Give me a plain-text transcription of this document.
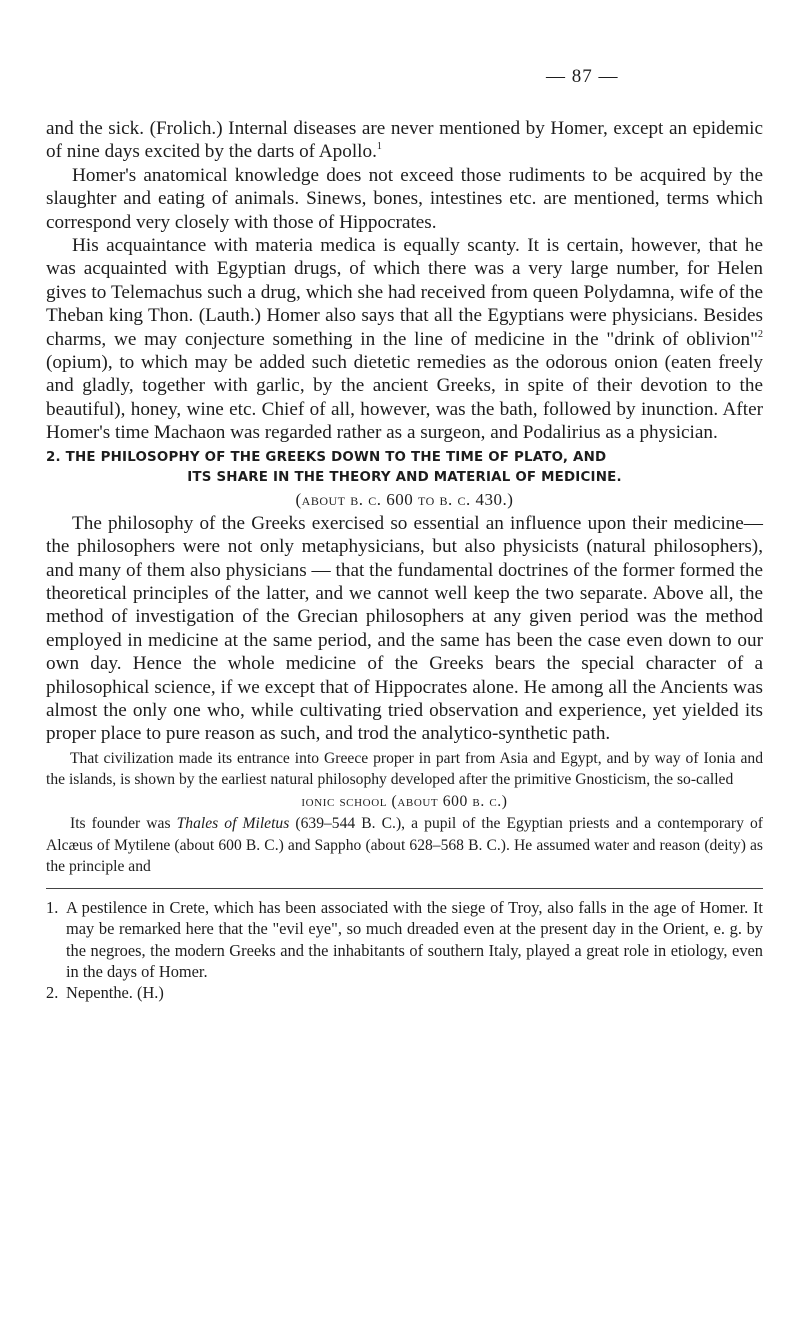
— 87 —

and the sick. (Frolich.) Internal diseases are never mentioned by Homer, except an epidemic of nine days excited by the darts of Apollo.$^1$

Homer's anatomical knowledge does not exceed those rudiments to be acquired by the slaughter and eating of animals. Sinews, bones, intestines etc. are mentioned, terms which correspond very closely with those of Hippocrates.

His acquaintance with materia medica is equally scanty. It is certain, however, that he was acquainted with Egyptian drugs, of which there was a very large number, for Helen gives to Telemachus such a drug, which she had received from queen Polydamna, wife of the Theban king Thon. (Lauth.) Homer also says that all the Egyptians were physicians. Besides charms, we may conjecture something in the line of medicine in the "drink of oblivion"$^2$ (opium), to which may be added such dietetic remedies as the odorous onion (eaten freely and gladly, together with garlic, by the ancient Greeks, in spite of their devotion to the beautiful), honey, wine etc. Chief of all, however, was the bath, followed by inunction. After Homer's time Machaon was regarded rather as a surgeon, and Podalirius as a physician.

2. THE PHILOSOPHY OF THE GREEKS DOWN TO THE TIME OF PLATO, AND
ITS SHARE IN THE THEORY AND MATERIAL OF MEDICINE.
(about b. c. 600 to b. c. 430.)

The philosophy of the Greeks exercised so essential an influence upon their medicine—the philosophers were not only metaphysicians, but also physicists (natural philosophers), and many of them also physicians — that the fundamental doctrines of the former formed the theoretical principles of the latter, and we cannot well keep the two separate. Above all, the method of investigation of the Grecian philosophers at any given period was the method employed in medicine at the same period, and the same has been the case even down to our own day. Hence the whole medicine of the Greeks bears the special character of a philosophical science, if we except that of Hippocrates alone. He among all the Ancients was almost the only one who, while cultivating tried observation and experience, yet yielded its proper place to pure reason as such, and trod the analytico-synthetic path.

That civilization made its entrance into Greece proper in part from Asia and Egypt, and by way of Ionia and the islands, is shown by the earliest natural philosophy developed after the primitive Gnosticism, the so-called

ionic school (about 600 b. c.)

Its founder was Thales of Miletus (639–544 B. C.), a pupil of the Egyptian priests and a contemporary of Alcæus of Mytilene (about 600 B. C.) and Sappho (about 628–568 B. C.). He assumed water and reason (deity) as the principle and

1. A pestilence in Crete, which has been associated with the siege of Troy, also falls in the age of Homer. It may be remarked here that the "evil eye", so much dreaded even at the present day in the Orient, e. g. by the negroes, the modern Greeks and the inhabitants of southern Italy, played a great role in etiology, even in the days of Homer.
2. Nepenthe. (H.)
